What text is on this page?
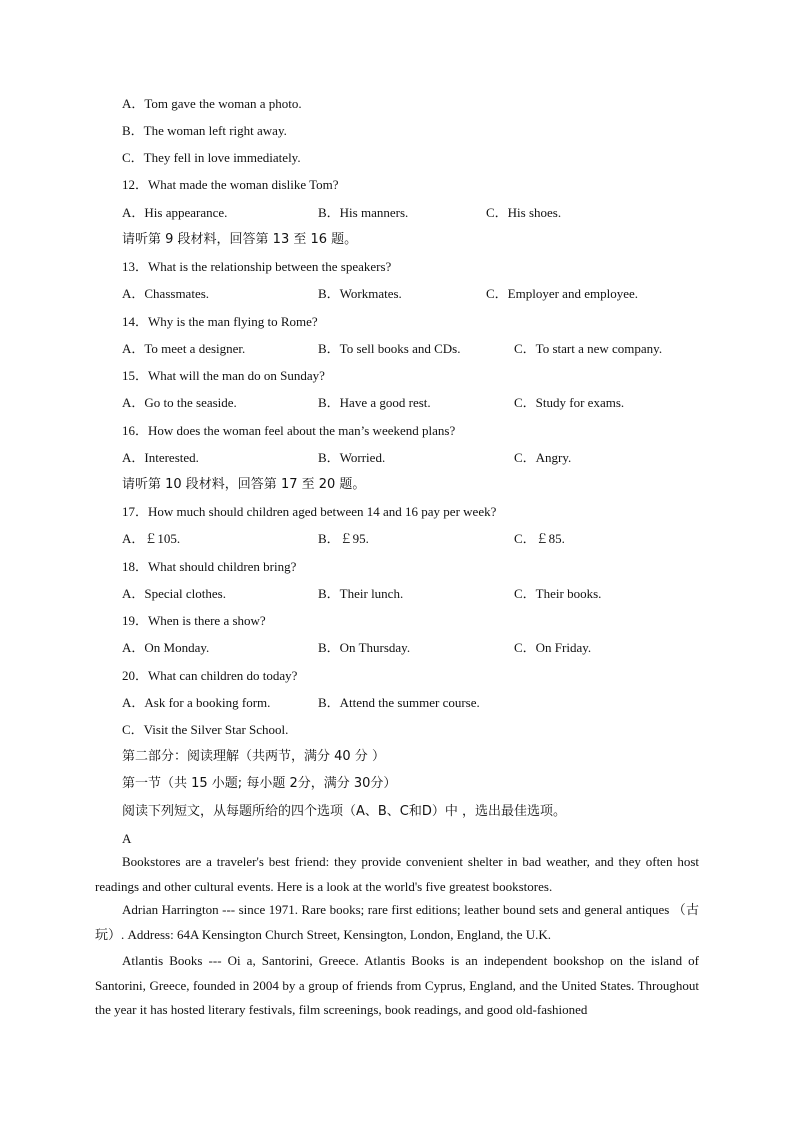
A．Tom gave the woman a photo.
B．The woman left right away.
C．They fell in love immediately.
12．What made the woman dislike Tom?
A．His appearance.	B．His manners.	C．His shoes.
请听第 9 段材料，回答第 13 至 16 题。
13．What is the relationship between the speakers?
A．Chassmates.	B．Workmates.	C．Employer and employee.
14．Why is the man flying to Rome?
A．To meet a designer.	B．To sell books and CDs.	C．To start a new company.
15．What will the man do on Sunday?
A．Go to the seaside.	B．Have a good rest.	C．Study for exams.
16．How does the woman feel about the man’s weekend plans?
A．Interested.	B．Worried.	C．Angry.
请听第 10 段材料，回答第 17 至 20 题。
17．How much should children aged between 14 and 16 pay per week?
A．￡105.	B．￡95.	C．￡85.
18．What should children bring?
A．Special clothes.	B．Their lunch.	C．Their books.
19．When is there a show?
A．On Monday.	B．On Thursday.	C．On Friday.
20．What can children do today?
A．Ask for a booking form.	B．Attend the summer course.
C．Visit the Silver Star School.
第二部分：阅读理解（共两节，满分 40 分 ）
第一节（共 15 小题; 每小题 2分，满分 30分）
阅读下列短文，从每题所给的四个选项（A、B、C和D）中 ，选出最佳选项。
A
Bookstores are a traveler's best friend: they provide convenient shelter in bad weather, and they often host readings and other cultural events. Here is a look at the world's five greatest bookstores.
Adrian Harrington --- since 1971. Rare books; rare first editions; leather bound sets and general antiques （古玩）. Address: 64A Kensington Church Street, Kensington, London, England, the U.K.
Atlantis Books --- Oi a, Santorini, Greece. Atlantis Books is an independent bookshop on the island of Santorini, Greece, founded in 2004 by a group of friends from Cyprus, England, and the United States. Throughout the year it has hosted literary festivals, film screenings, book readings, and good old-fashioned
